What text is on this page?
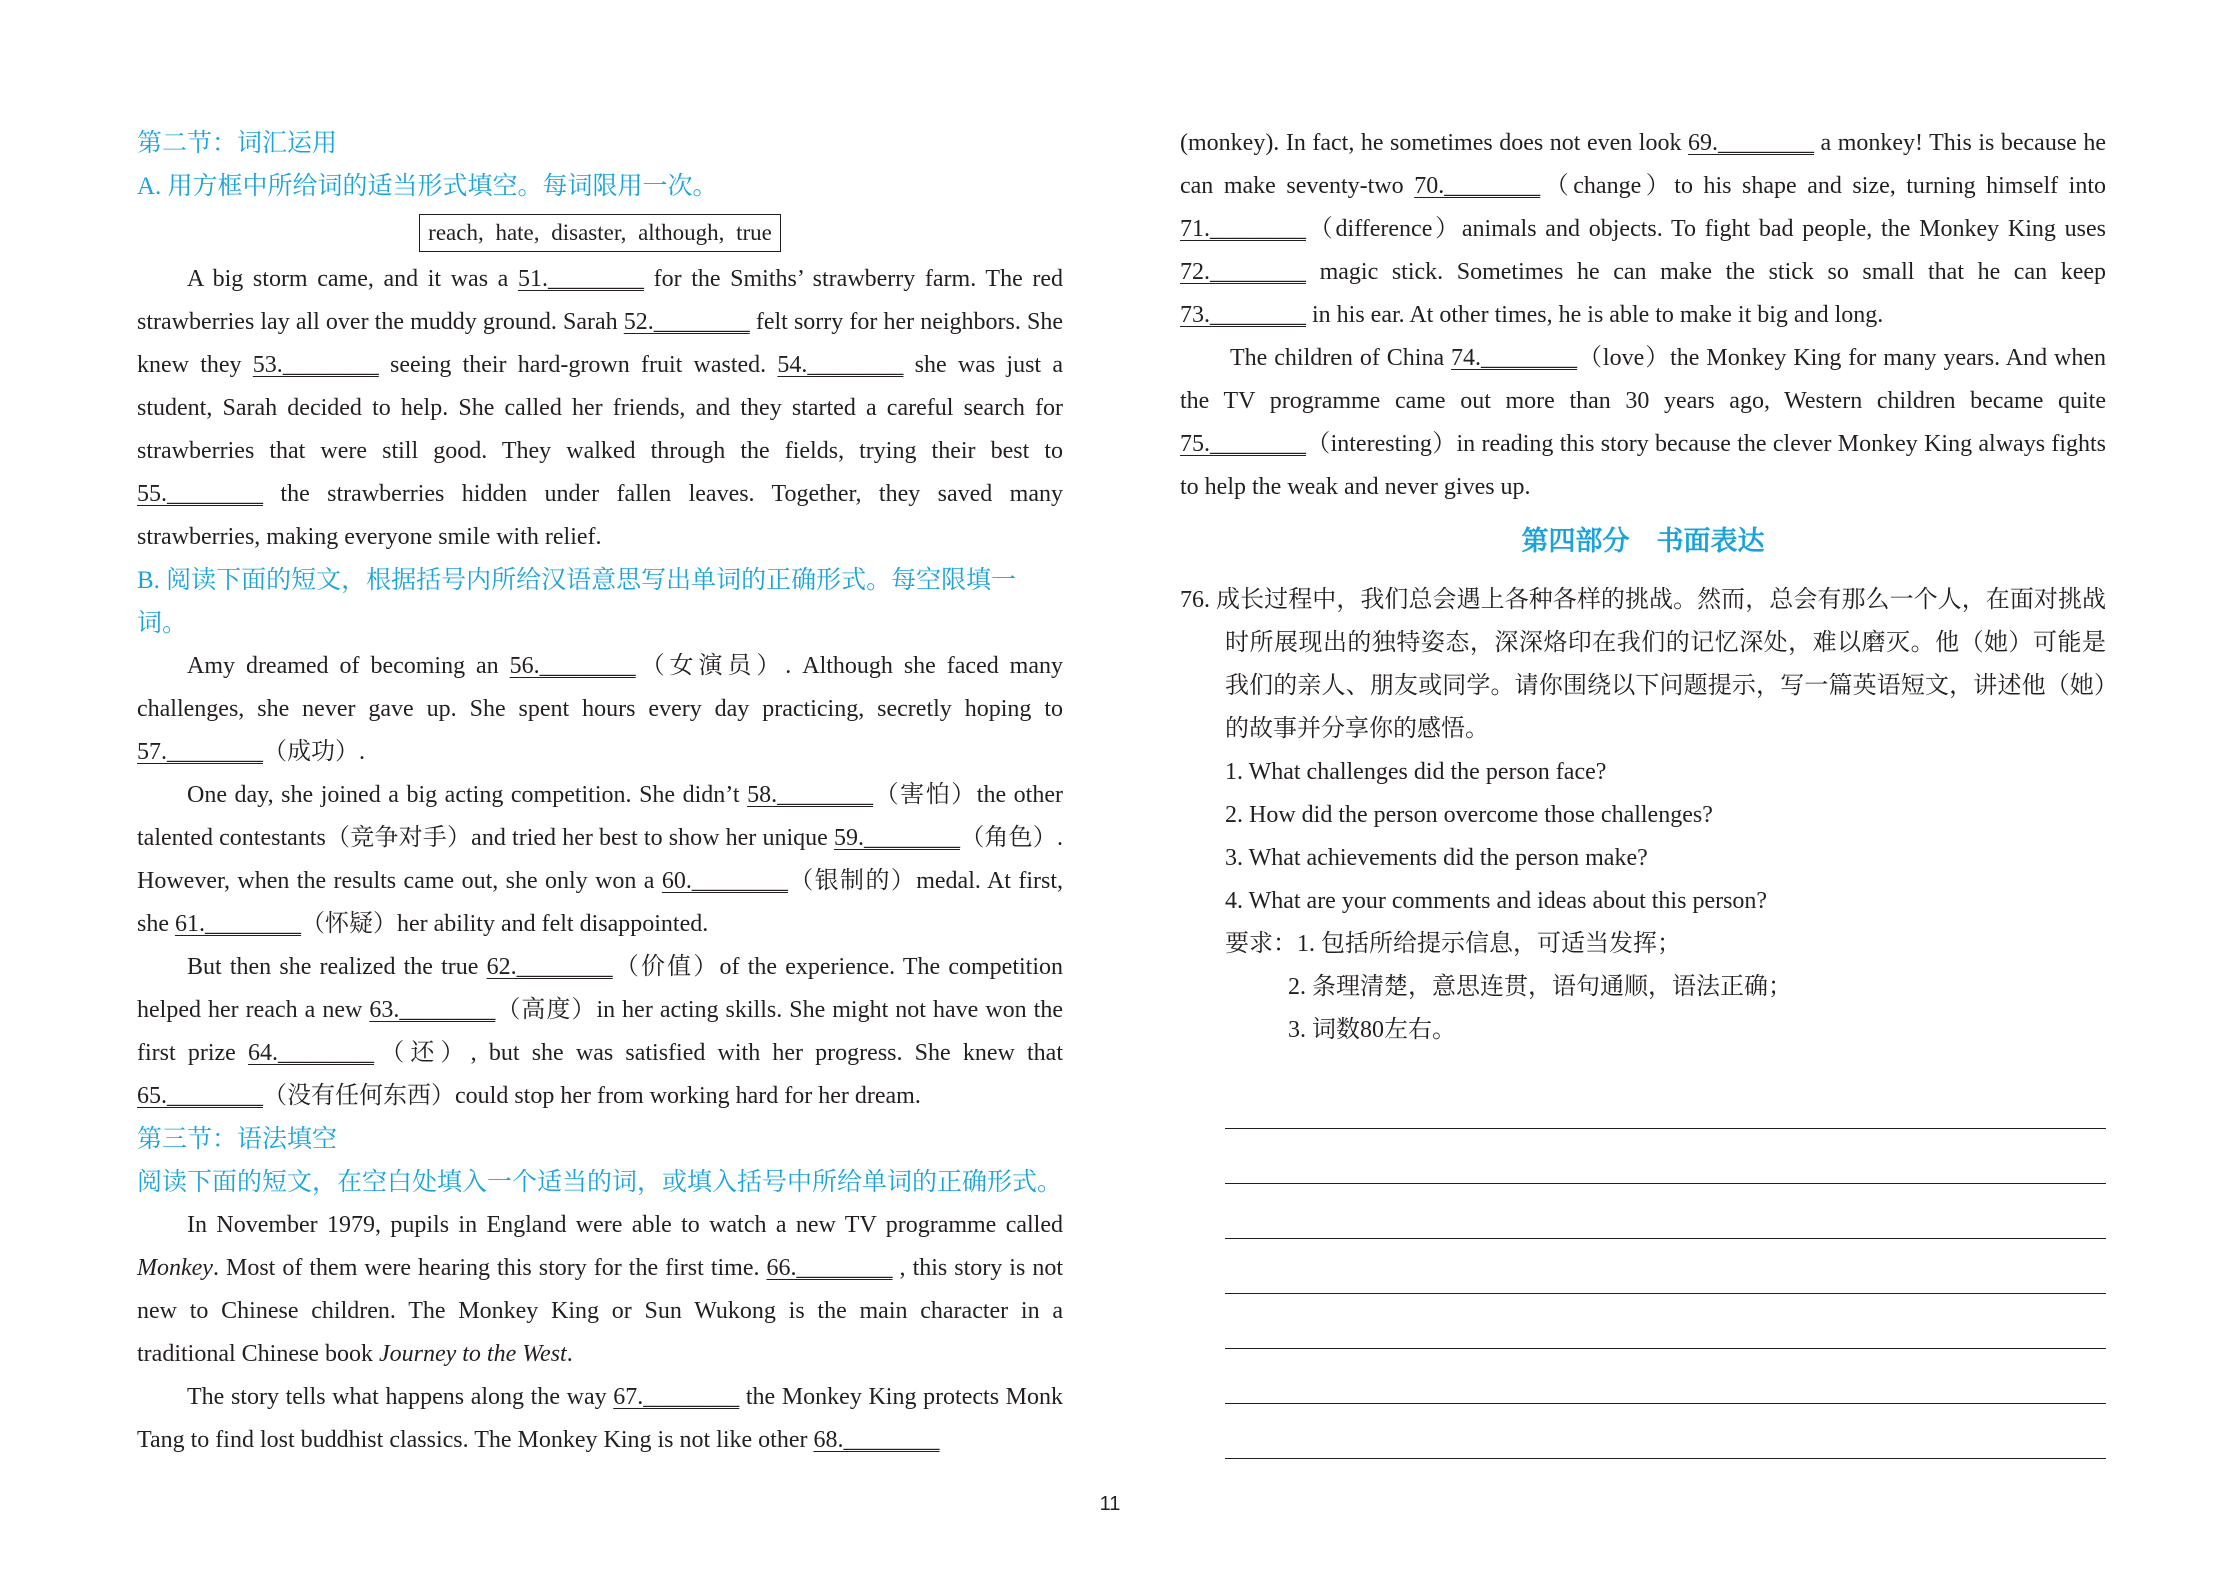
第二节：词汇运用
A. 用方框中所给词的适当形式填空。每词限用一次。
reach, hate, disaster, although, true
A big storm came, and it was a 51.________ for the Smiths’ strawberry farm. The red strawberries lay all over the muddy ground. Sarah 52.________ felt sorry for her neighbors. She knew they 53.________ seeing their hard-grown fruit wasted. 54.________ she was just a student, Sarah decided to help. She called her friends, and they started a careful search for strawberries that were still good. They walked through the fields, trying their best to 55.________ the strawberries hidden under fallen leaves. Together, they saved many strawberries, making everyone smile with relief.
B. 阅读下面的短文，根据括号内所给汉语意思写出单词的正确形式。每空限填一词。
Amy dreamed of becoming an 56.________（女演员）. Although she faced many challenges, she never gave up. She spent hours every day practicing, secretly hoping to 57.________（成功）.
One day, she joined a big acting competition. She didn’t 58.________（害怕）the other talented contestants（竞争对手）and tried her best to show her unique 59.________（角色）. However, when the results came out, she only won a 60.________（银制的）medal. At first, she 61.________（怀疑）her ability and felt disappointed.
But then she realized the true 62.________（价值）of the experience. The competition helped her reach a new 63.________（高度）in her acting skills. She might not have won the first prize 64.________（还）, but she was satisfied with her progress. She knew that 65.________（没有任何东西）could stop her from working hard for her dream.
第三节：语法填空
阅读下面的短文，在空白处填入一个适当的词，或填入括号中所给单词的正确形式。
In November 1979, pupils in England were able to watch a new TV programme called Monkey. Most of them were hearing this story for the first time. 66.________ , this story is not new to Chinese children. The Monkey King or Sun Wukong is the main character in a traditional Chinese book Journey to the West.
The story tells what happens along the way 67.________ the Monkey King protects Monk Tang to find lost buddhist classics. The Monkey King is not like other 68.________
(monkey). In fact, he sometimes does not even look 69.________ a monkey! This is because he can make seventy-two 70.________（change）to his shape and size, turning himself into 71.________（difference）animals and objects. To fight bad people, the Monkey King uses 72.________ magic stick. Sometimes he can make the stick so small that he can keep 73.________ in his ear. At other times, he is able to make it big and long.
The children of China 74.________（love）the Monkey King for many years. And when the TV programme came out more than 30 years ago, Western children became quite 75.________（interesting）in reading this story because the clever Monkey King always fights to help the weak and never gives up.
第四部分　书面表达
76. 成长过程中，我们总会遇上各种各样的挑战。然而，总会有那么一个人，在面对挑战时所展现出的独特姿态，深深烙印在我们的记忆深处，难以磨灭。他（她）可能是我们的亲人、朋友或同学。请你围绕以下问题提示，写一篇英语短文，讲述他（她）的故事并分享你的感悟。
1. What challenges did the person face?
2. How did the person overcome those challenges?
3. What achievements did the person make?
4. What are your comments and ideas about this person?
要求：1. 包括所给提示信息，可适当发挥；
2. 条理清楚，意思连贯，语句通顺，语法正确；
3. 词数80左右。
11
